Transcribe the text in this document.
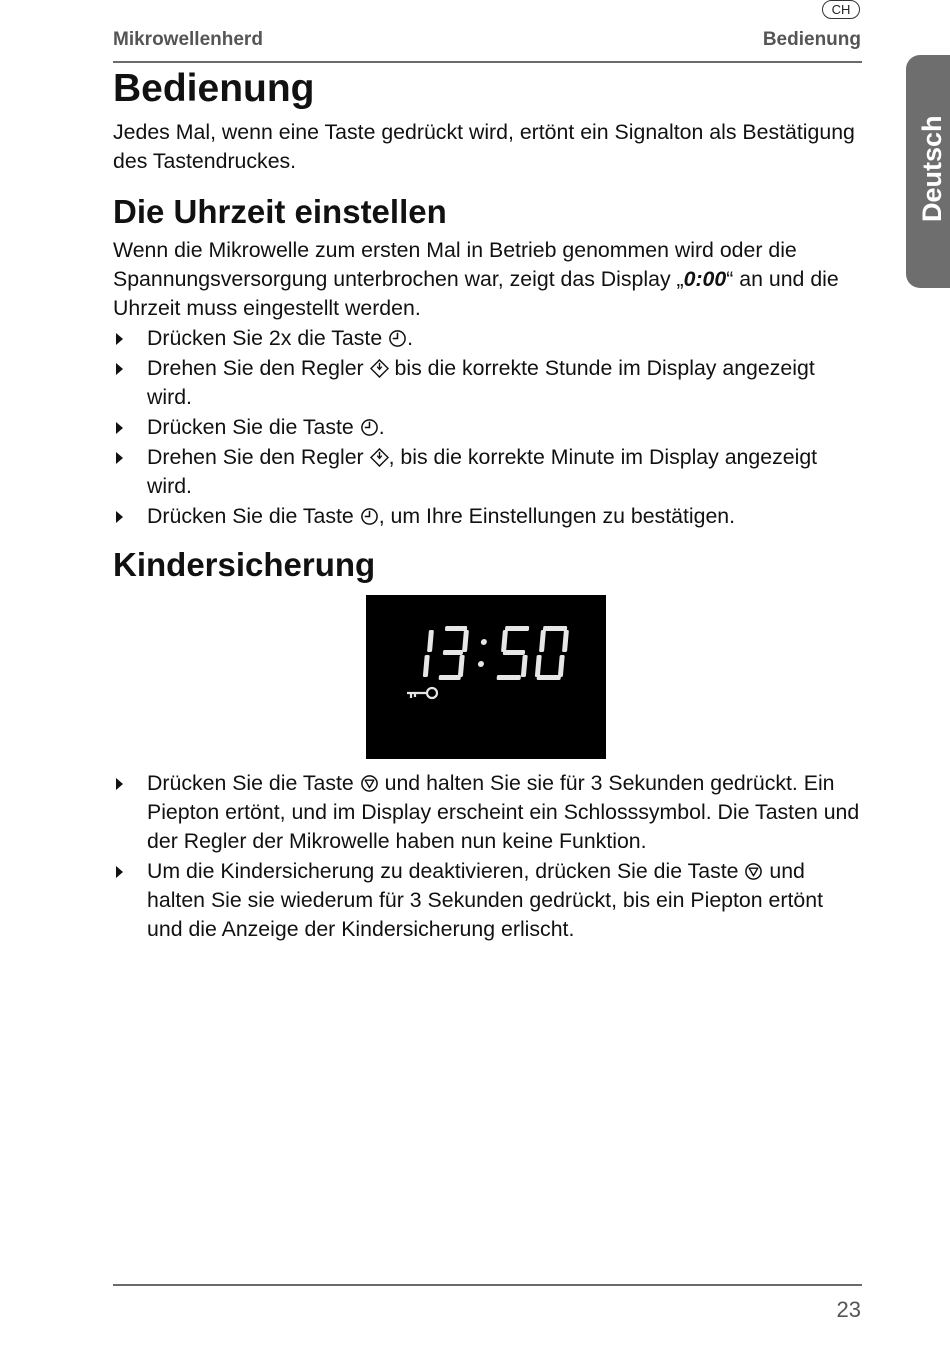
CH
Mikrowellenherd	Bedienung
Deutsch
Bedienung

Jedes Mal, wenn eine Taste gedrückt wird, ertönt ein Signalton als Bestätigung des Tastendruckes.

Die Uhrzeit einstellen

Wenn die Mikrowelle zum ersten Mal in Betrieb genommen wird oder die Spannungsversorgung unterbrochen war, zeigt das Display „0:00“ an und die Uhrzeit muss eingestellt werden.

Drücken Sie 2x die Taste
.
Drehen Sie den Regler
bis die korrekte Stunde im Display angezeigt wird.
Drücken Sie die Taste
.
Drehen Sie den Regler
, bis die korrekte Minute im Display angezeigt wird.
Drücken Sie die Taste
, um Ihre Einstellungen zu bestätigen.
Kindersicherung
Drücken Sie die Taste
und halten Sie sie für 3 Sekunden gedrückt. Ein Piepton ertönt, und im Display erscheint ein Schlosssymbol. Die Tasten und der Regler der Mikrowelle haben nun keine Funktion.
Um die Kindersicherung zu deaktivieren, drücken Sie die Taste
und halten Sie sie wiederum für 3 Sekunden gedrückt, bis ein Piepton ertönt und die Anzeige der Kindersicherung erlischt.
23
